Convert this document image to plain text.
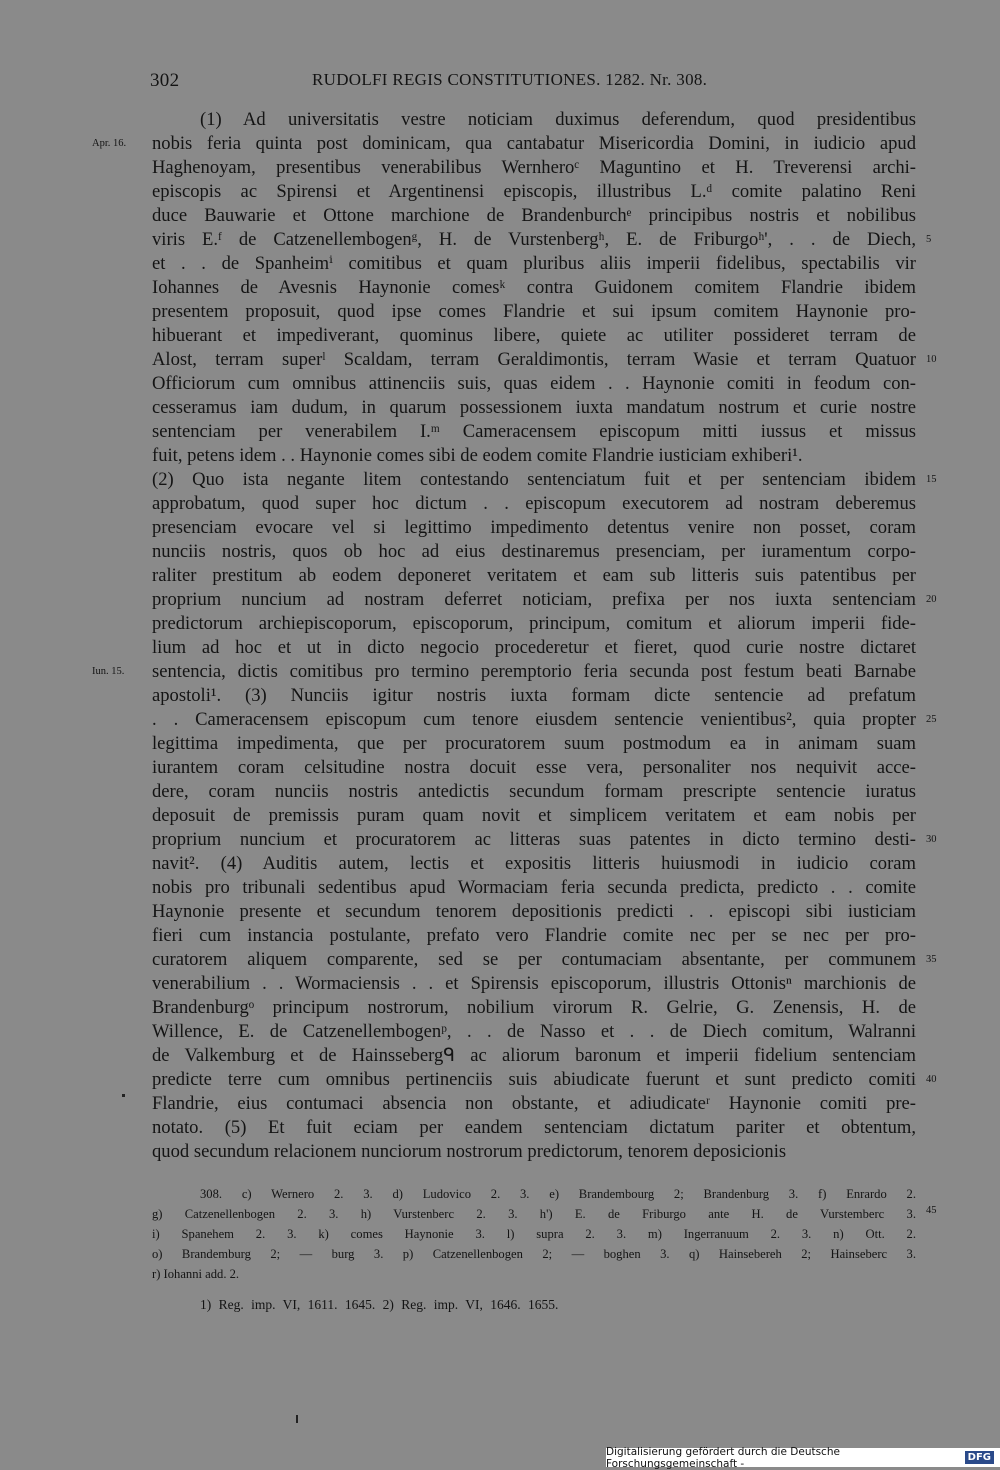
302	RUDOLFI REGIS CONSTITUTIONES. 1282. Nr. 308.
(1) Ad universitatis vestre noticiam duximus deferendum, quod presidentibus
nobis feria quinta post dominicam, qua cantabatur Misericordia Domini, in iudicio apud
Haghenoyam, presentibus venerabilibus Wernheroᶜ Maguntino et H. Treverensi archi-
episcopis ac Spirensi et Argentinensi episcopis, illustribus L.ᵈ comite palatino Reni
duce Bauwarie et Ottone marchione de Brandenburchᵉ principibus nostris et nobilibus
viris E.ᶠ de Catzenellembogenᵍ, H. de Vurstenbergʰ, E. de Friburgoʰ', . . de Diech,
et . . de Spanheimⁱ comitibus et quam pluribus aliis imperii fidelibus, spectabilis vir
Iohannes de Avesnis Haynonie comesᵏ contra Guidonem comitem Flandrie ibidem
presentem proposuit, quod ipse comes Flandrie et sui ipsum comitem Haynonie pro-
hibuerant et impediverant, quominus libere, quiete ac utiliter possideret terram de
Alost, terram superˡ Scaldam, terram Geraldimontis, terram Wasie et terram Quatuor
Officiorum cum omnibus attinenciis suis, quas eidem . . Haynonie comiti in feodum con-
cesseramus iam dudum, in quarum possessionem iuxta mandatum nostrum et curie nostre
sentenciam per venerabilem I.ᵐ Cameracensem episcopum mitti iussus et missus
fuit, petens idem . . Haynonie comes sibi de eodem comite Flandrie iusticiam exhiberi¹.
(2) Quo ista negante litem contestando sentenciatum fuit et per sentenciam ibidem
approbatum, quod super hoc dictum . . episcopum executorem ad nostram deberemus
presenciam evocare vel si legittimo impedimento detentus venire non posset, coram
nunciis nostris, quos ob hoc ad eius destinaremus presenciam, per iuramentum corpo-
raliter prestitum ab eodem deponeret veritatem et eam sub litteris suis patentibus per
proprium nuncium ad nostram deferret noticiam, prefixa per nos iuxta sentenciam
predictorum archiepiscoporum, episcoporum, principum, comitum et aliorum imperii fide-
lium ad hoc et ut in dicto negocio procederetur et fieret, quod curie nostre dictaret
sentencia, dictis comitibus pro termino peremptorio feria secunda post festum beati Barnabe
apostoli¹. (3) Nunciis igitur nostris iuxta formam dicte sentencie ad prefatum
. . Cameracensem episcopum cum tenore eiusdem sentencie venientibus², quia propter
legittima impedimenta, que per procuratorem suum postmodum ea in animam suam
iurantem coram celsitudine nostra docuit esse vera, personaliter nos nequivit acce-
dere, coram nunciis nostris antedictis secundum formam prescripte sentencie iuratus
deposuit de premissis puram quam novit et simplicem veritatem et eam nobis per
proprium nuncium et procuratorem ac litteras suas patentes in dicto termino desti-
navit². (4) Auditis autem, lectis et expositis litteris huiusmodi in iudicio coram
nobis pro tribunali sedentibus apud Wormaciam feria secunda predicta, predicto . . comite
Haynonie presente et secundum tenorem depositionis predicti . . episcopi sibi iusticiam
fieri cum instancia postulante, prefato vero Flandrie comite nec per se nec per pro-
curatorem aliquem comparente, sed se per contumaciam absentante, per communem
venerabilium . . Wormaciensis . . et Spirensis episcoporum, illustris Ottonisⁿ marchionis de
Brandenburgᵒ principum nostrorum, nobilium virorum R. Gelrie, G. Zenensis, H. de
Willence, E. de Catzenellembogenᵖ, . . de Nasso et . . de Diech comitum, Walranni
de Valkemburg et de Hainssebergᑫ ac aliorum baronum et imperii fidelium sentenciam
predicte terre cum omnibus pertinenciis suis abiudicate fuerunt et sunt predicto comiti
Flandrie, eius contumaci absencia non obstante, et adiudicateʳ Haynonie comiti pre-
notato. (5) Et fuit eciam per eandem sentenciam dictatum pariter et obtentum,
quod secundum relacionem nunciorum nostrorum predictorum, tenorem deposicionis
Apr. 16.
Iun. 15.
5
10
15
20
25
30
35
40
308. c) Wernero 2. 3. d) Ludovico 2. 3. e) Brandembourg 2; Brandenburg 3. f) Enrardo 2.
g) Catzenellenbogen 2. 3. h) Vurstenberc 2. 3. h') E. de Friburgo ante H. de Vurstemberc 3.
i) Spanehem 2. 3. k) comes Haynonie 3. l) supra 2. 3. m) Ingerranuum 2. 3. n) Ott. 2.
o) Brandemburg 2; — burg 3. p) Catzenellenbogen 2; — boghen 3. q) Hainsebereh 2; Hainseberc 3.
r) Iohanni add. 2.
45
1) Reg. imp. VI, 1611. 1645. 2) Reg. imp. VI, 1646. 1655.
Digitalisierung gefördert durch die Deutsche Forschungsgemeinschaft -	DFG
